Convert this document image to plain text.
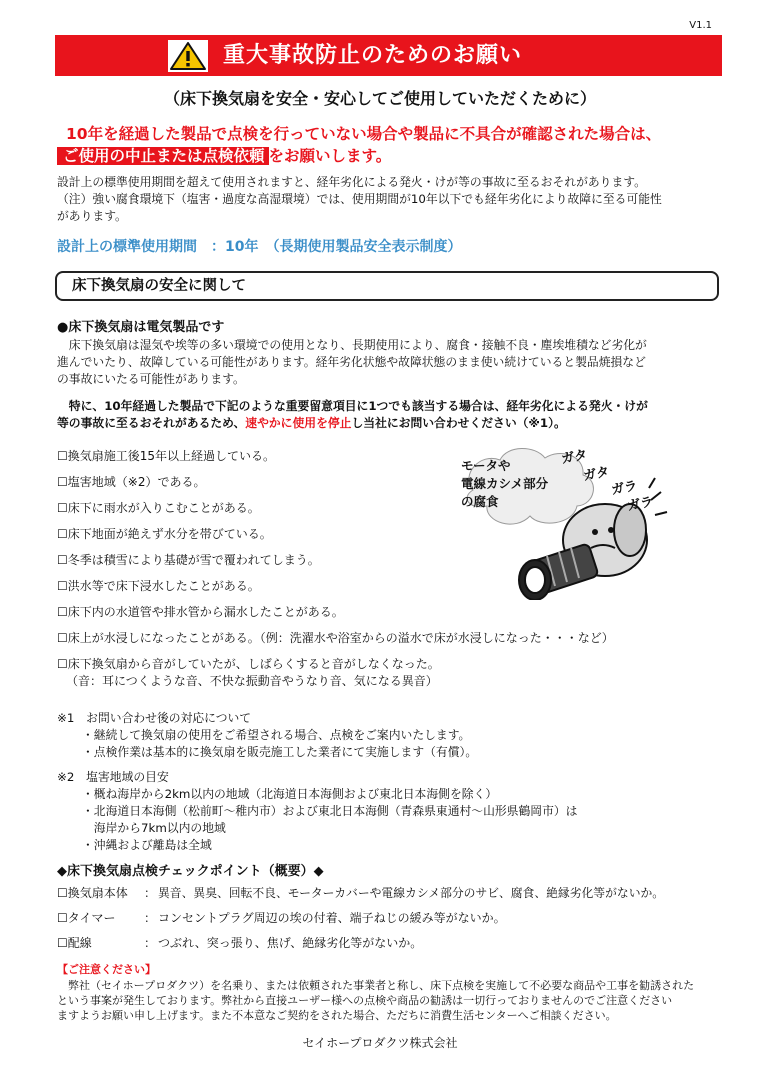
V1.1
重大事故防止のためのお願い
（床下換気扇を安全・安心してご使用していただくために）
10年を経過した製品で点検を行っていない場合や製品に不具合が確認された場合は、
ご使用の中止または点検依頼 をお願いします。
設計上の標準使用期間を超えて使用されますと、経年劣化による発火・けが等の事故に至るおそれがあります。
（注）強い腐食環境下（塩害・過度な高湿環境）では、使用期間が10年以下でも経年劣化により故障に至る可能性
があります。
設計上の標準使用期間　：10年　（長期使用製品安全表示制度）
床下換気扇の安全に関して
●床下換気扇は電気製品です
　床下換気扇は湿気や埃等の多い環境での使用となり、長期使用により、腐食・接触不良・塵埃堆積など劣化が
進んでいたり、故障している可能性があります。経年劣化状態や故障状態のまま使い続けていると製品焼損など
の事故にいたる可能性があります。
　特に、10年経過した製品で下記のような重要留意項目に1つでも該当する場合は、経年劣化による発火・けが
等の事故に至るおそれがあるため、速やかに使用を停止し当社にお問い合わせください（※1）。
☐換気扇施工後15年以上経過している。
☐塩害地域（※2）である。
☐床下に雨水が入りこむことがある。
☐床下地面が絶えず水分を帯びている。
☐冬季は積雪により基礎が雪で覆われてしまう。
☐洪水等で床下浸水したことがある。
☐床下内の水道管や排水管から漏水したことがある。
☐床上が水浸しになったことがある。（例：洗濯水や浴室からの溢水で床が水浸しになった・・・など）
☐床下換気扇から音がしていたが、しばらくすると音がしなくなった。
（音：耳につくような音、不快な振動音やうなり音、気になる異音）
モータや
電線カシメ部分
の腐食
ガタ
ガタ
ガラ
ガラ
※1　お問い合わせ後の対応について
・継続して換気扇の使用をご希望される場合、点検をご案内いたします。
・点検作業は基本的に換気扇を販売施工した業者にて実施します（有償）。
※2　塩害地域の目安
・概ね海岸から2km以内の地域（北海道日本海側および東北日本海側を除く）
・北海道日本海側（松前町～稚内市）および東北日本海側（青森県東通村～山形県鶴岡市）は
　海岸から7km以内の地域
・沖縄および離島は全域
◆床下換気扇点検チェックポイント（概要）◆
☐換気扇本体 ： 異音、異臭、回転不良、モーターカバーや電線カシメ部分のサビ、腐食、絶縁劣化等がないか。
☐タイマー ： コンセントプラグ周辺の埃の付着、端子ねじの緩み等がないか。
☐配線	： つぶれ、突っ張り、焦げ、絶縁劣化等がないか。
【ご注意ください】
　弊社（セイホープロダクツ）を名乗り、または依頼された事業者と称し、床下点検を実施して不必要な商品や工事を勧誘された
という事案が発生しております。弊社から直接ユーザー様への点検や商品の勧誘は一切行っておりませんのでご注意ください
ますようお願い申し上げます。また不本意なご契約をされた場合、ただちに消費生活センターへご相談ください。
セイホープロダクツ株式会社
